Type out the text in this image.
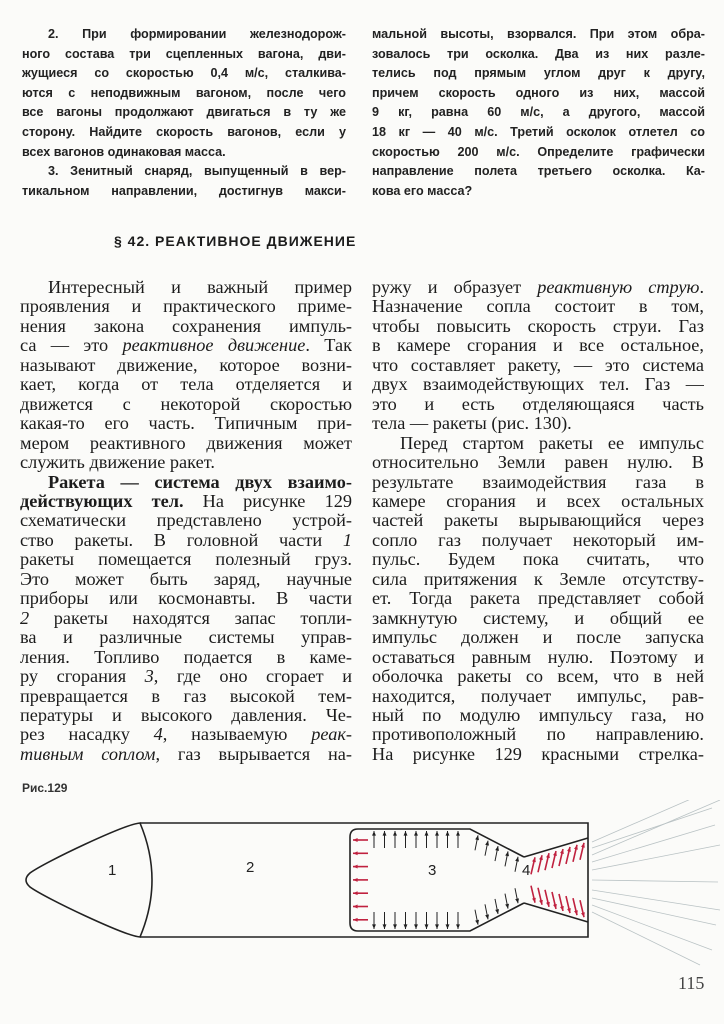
2. При формировании железнодорож-
ного состава три сцепленных вагона, дви-
жущиеся со скоростью 0,4 м/с, сталкива-
ются с неподвижным вагоном, после чего
все вагоны продолжают двигаться в ту же
сторону. Найдите скорость вагонов, если у
всех вагонов одинаковая масса.
3. Зенитный снаряд, выпущенный в вер-
тикальном направлении, достигнув макси-
мальной высоты, взорвался. При этом обра-
зовалось три осколка. Два из них разле-
телись под прямым углом друг к другу,
причем скорость одного из них, массой
9 кг, равна 60 м/с, а другого, массой
18 кг — 40 м/с. Третий осколок отлетел со
скоростью 200 м/с. Определите графически
направление полета третьего осколка. Ка-
кова его масса?
§ 42. РЕАКТИВНОЕ ДВИЖЕНИЕ
Интересный и важный пример
проявления и практического приме-
нения закона сохранения импуль-
са — это реактивное движение. Так
называют движение, которое возни-
кает, когда от тела отделяется и
движется с некоторой скоростью
какая-то его часть. Типичным при-
мером реактивного движения может
служить движение ракет.
Ракета — система двух взаимо-
действующих тел. На рисунке 129
схематически представлено устрой-
ство ракеты. В головной части 1
ракеты помещается полезный груз.
Это может быть заряд, научные
приборы или космонавты. В части
2 ракеты находятся запас топли-
ва и различные системы управ-
ления. Топливо подается в каме-
ру сгорания 3, где оно сгорает и
превращается в газ высокой тем-
пературы и высокого давления. Че-
рез насадку 4, называемую реак-
тивным соплом, газ вырывается на-
ружу и образует реактивную струю.
Назначение сопла состоит в том,
чтобы повысить скорость струи. Газ
в камере сгорания и все остальное,
что составляет ракету, — это система
двух взаимодействующих тел. Газ —
это и есть отделяющаяся часть
тела — ракеты (рис. 130).
Перед стартом ракеты ее импульс
относительно Земли равен нулю. В
результате взаимодействия газа в
камере сгорания и всех остальных
частей ракеты вырывающийся через
сопло газ получает некоторый им-
пульс. Будем пока считать, что
сила притяжения к Земле отсутству-
ет. Тогда ракета представляет собой
замкнутую систему, и общий ее
импульс должен и после запуска
оставаться равным нулю. Поэтому и
оболочка ракеты со всем, что в ней
находится, получает импульс, рав-
ный по модулю импульсу газа, но
противоположный по направлению.
На рисунке 129 красными стрелка-
Рис.129
1	2	3	4
115
